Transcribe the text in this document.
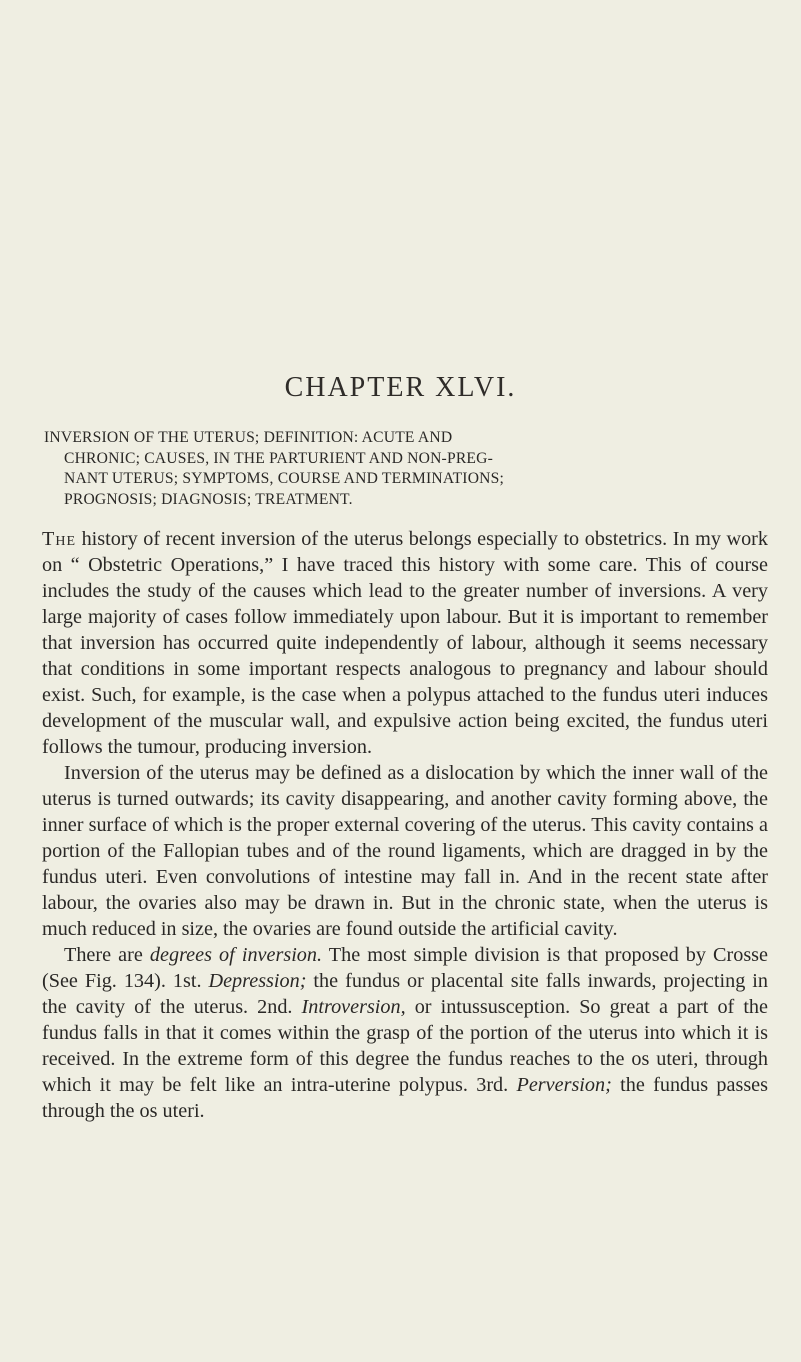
CHAPTER XLVI.
INVERSION OF THE UTERUS; DEFINITION: ACUTE AND
CHRONIC; CAUSES, IN THE PARTURIENT AND NON-PREG-
NANT UTERUS; SYMPTOMS, COURSE AND TERMINATIONS;
PROGNOSIS; DIAGNOSIS; TREATMENT.

The history of recent inversion of the uterus belongs especially to obstetrics. In my work on “ Obstetric Operations,” I have traced this history with some care. This of course includes the study of the causes which lead to the greater number of inversions. A very large majority of cases follow immediately upon labour. But it is important to remember that inversion has occurred quite independently of labour, although it seems necessary that conditions in some important respects analogous to pregnancy and labour should exist. Such, for example, is the case when a polypus attached to the fundus uteri induces development of the muscular wall, and expulsive action being excited, the fundus uteri follows the tumour, producing inversion.

Inversion of the uterus may be defined as a dislocation by which the inner wall of the uterus is turned outwards; its cavity disappearing, and another cavity forming above, the inner surface of which is the proper external covering of the uterus. This cavity contains a portion of the Fallopian tubes and of the round ligaments, which are dragged in by the fundus uteri. Even convolutions of intestine may fall in. And in the recent state after labour, the ovaries also may be drawn in. But in the chronic state, when the uterus is much reduced in size, the ovaries are found outside the artificial cavity.

There are degrees of inversion. The most simple division is that proposed by Crosse (See Fig. 134). 1st. Depression; the fundus or placental site falls inwards, projecting in the cavity of the uterus. 2nd. Introversion, or intussusception. So great a part of the fundus falls in that it comes within the grasp of the portion of the uterus into which it is received. In the extreme form of this degree the fundus reaches to the os uteri, through which it may be felt like an intra-uterine polypus. 3rd. Perversion; the fundus passes through the os uteri.
